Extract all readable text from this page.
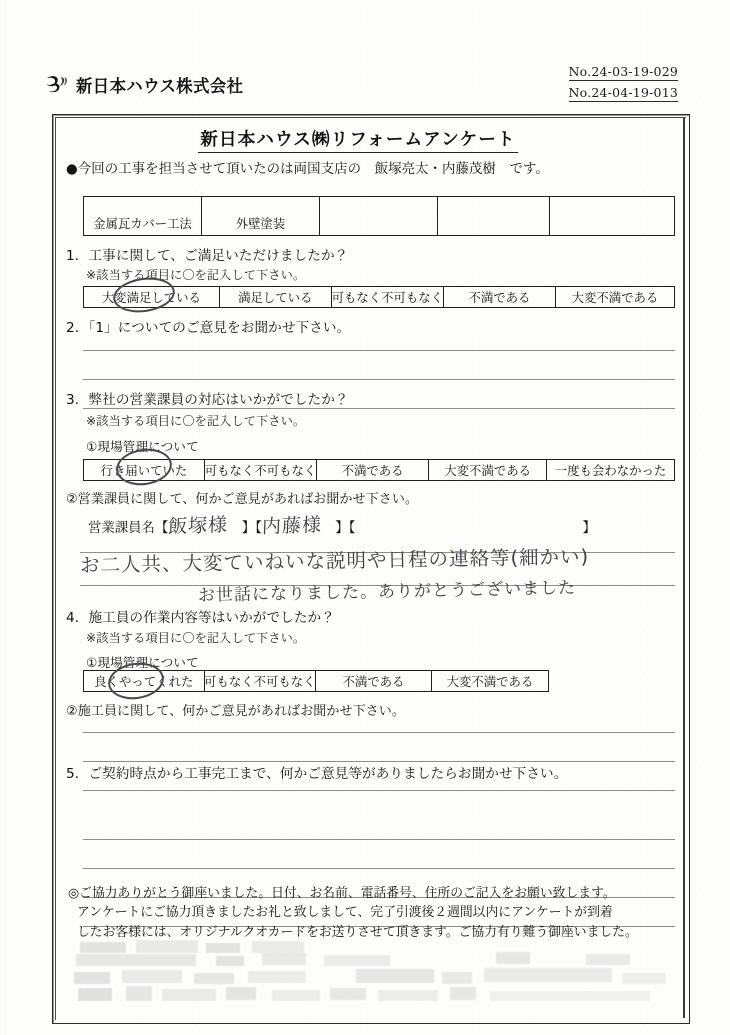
新日本ハウス株式会社
No.24-03-19-029
No.24-04-19-013
新日本ハウス㈱リフォームアンケート
●今回の工事を担当させて頂いたのは両国支店の　飯塚亮太・内藤茂樹　です。
金属瓦カバー工法	外壁塗装
1．工事に関して、ご満足いただけましたか？
※該当する項目に〇を記入して下さい。
大変満足している	満足している	可もなく不可もなく	不満である	大変不満である
2．「1」についてのご意見をお聞かせ下さい。
3．弊社の営業課員の対応はいかがでしたか？
※該当する項目に〇を記入して下さい。
①現場管理について
行き届いていた	可もなく不可もなく	不満である	大変不満である	一度も会わなかった
②営業課員に関して、何かご意見があればお聞かせ下さい。
営業課員名【飯塚様　】【内藤様　】【	　　　　　　　　】
お二人共、大変ていねいな説明や日程の連絡等(細かい)
お世話になりました。ありがとうございました
4．施工員の作業内容等はいかがでしたか？
※該当する項目に〇を記入して下さい。
①現場管理について
良くやってくれた 可もなく不可もなく	不満である	大変不満である
②施工員に関して、何かご意見があればお聞かせ下さい。
5．ご契約時点から工事完工まで、何かご意見等がありましたらお聞かせ下さい。
◎ご協力ありがとう御座いました。日付、お名前、電話番号、住所のご記入をお願い致します。
アンケートにご協力頂きましたお礼と致しまして、完了引渡後２週間以内にアンケートが到着
したお客様には、オリジナルクオカードをお送りさせて頂きます。ご協力有り難う御座いました。
